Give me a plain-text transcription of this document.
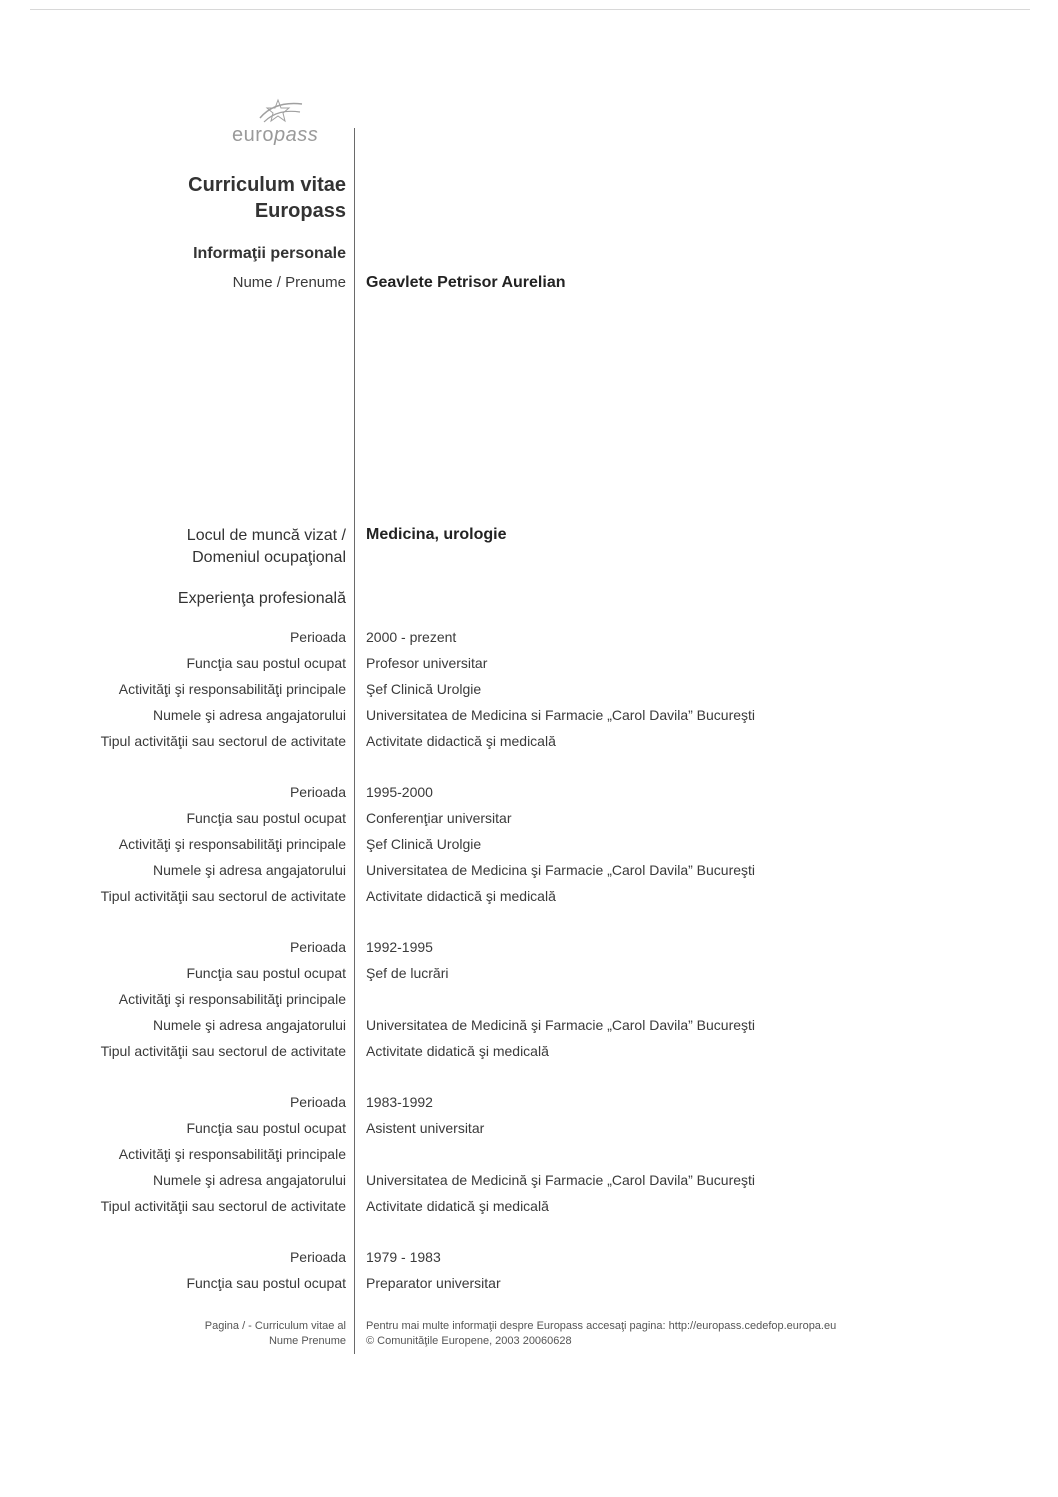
europass
Curriculum vitae
Europass
Informaţii personale
Nume / Prenume Geavlete Petrisor Aurelian
Locul de muncă vizat /
Domeniul ocupaţional
Medicina, urologie
Experienţa profesională
Perioada 2000 - prezent
Funcţia sau postul ocupat Profesor universitar
Activităţi şi responsabilităţi principale Şef Clinică Urolgie
Numele şi adresa angajatorului Universitatea de Medicina si Farmacie „Carol Davila” Bucureşti
Tipul activităţii sau sectorul de activitate Activitate didactică şi medicală
Perioada 1995-2000
Funcţia sau postul ocupat Conferenţiar universitar
Activităţi şi responsabilităţi principale Şef Clinică Urolgie
Numele şi adresa angajatorului Universitatea de Medicina şi Farmacie „Carol Davila” Bucureşti
Tipul activităţii sau sectorul de activitate Activitate didactică şi medicală
Perioada 1992-1995
Funcţia sau postul ocupat Şef de lucrări
Activităţi şi responsabilităţi principale
Numele şi adresa angajatorului Universitatea de Medicină şi Farmacie „Carol Davila” Bucureşti
Tipul activităţii sau sectorul de activitate Activitate didatică şi medicală
Perioada 1983-1992
Funcţia sau postul ocupat Asistent universitar
Activităţi şi responsabilităţi principale
Numele şi adresa angajatorului Universitatea de Medicină şi Farmacie „Carol Davila” Bucureşti
Tipul activităţii sau sectorul de activitate Activitate didatică şi medicală
Perioada 1979 - 1983
Funcţia sau postul ocupat Preparator universitar
Pagina / - Curriculum vitae al
Nume Prenume
Pentru mai multe informaţii despre Europass accesaţi pagina: http://europass.cedefop.europa.eu
© Comunităţile Europene, 2003 20060628
